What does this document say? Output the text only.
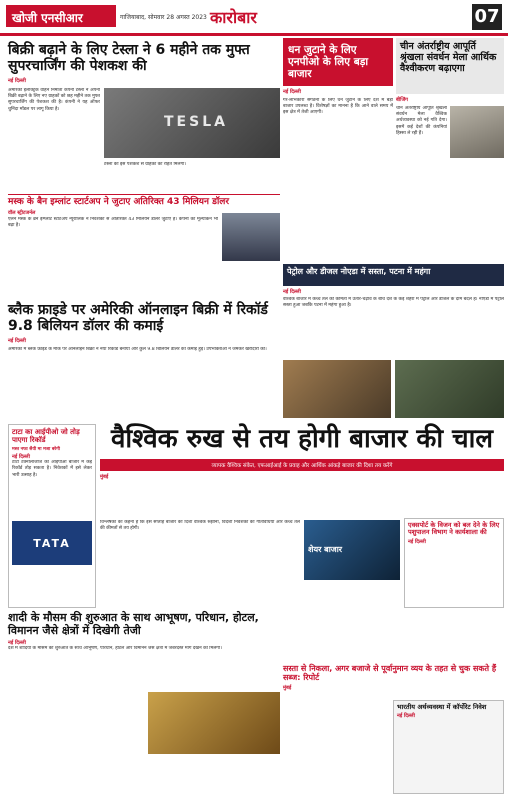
खोजी एनसीआर	गाजियाबाद, सोमवार 28 अगस्त 2023 कारोबार	07
बिक्री बढ़ाने के लिए टेस्ला ने 6 महीने तक मुफ्त सुपरचार्जिंग की पेशकश की
नई दिल्ली
अमेरिकी इलेक्ट्रिक वाहन निर्माता कंपनी टेस्ला ने अपनी बिक्री बढ़ाने के लिए नए ग्राहकों को छह महीने तक मुफ्त सुपरचार्जिंग की पेशकश की है। कंपनी ने यह ऑफर चुनिंदा मॉडल पर लागू किया है।
TESLA
टेस्ला की इस पेशकश से ग्राहकों को राहत मिलेगी।
धन जुटाने के लिए एनपीओ के लिए बड़ा बाजार
नई दिल्ली
गैर-लाभकारी संगठनों के लिए धन जुटाने के लिए देश में बड़ा बाजार उपलब्ध है। विशेषज्ञों का मानना है कि आने वाले समय में इस क्षेत्र में तेजी आएगी।
चीन अंतर्राष्ट्रीय आपूर्ति श्रृंखला संवर्धन मेला आर्थिक वैश्वीकरण बढ़ाएगा
बीजिंग
चीन अंतर्राष्ट्रीय आपूर्ति श्रृंखला संवर्धन मेला वैश्विक अर्थव्यवस्था को नई गति देगा। इसमें कई देशों की कंपनियां हिस्सा ले रही हैं।
मस्क के बैन इम्लांट स्टार्टअप ने जुटाए अतिरिक्त 43 मिलियन डॉलर
वॉल स्ट्रीटजर्नल
एलन मस्क के ब्रेन इम्प्लांट स्टार्टअप न्यूरालिंक ने निवेशकों से अतिरिक्त 43 मिलियन डॉलर जुटाए हैं। कंपनी का मूल्यांकन भी बढ़ा है।
ब्लैक फ्राइडे पर अमेरिकी ऑनलाइन बिक्री में रिकॉर्ड 9.8 बिलियन डॉलर की कमाई
नई दिल्ली
अमेरिका में ब्लैक फ्राइडे के मौके पर ऑनलाइन बिक्री ने नया रिकॉर्ड बनाया और कुल 9.8 बिलियन डॉलर की कमाई हुई। उपभोक्ताओं ने जमकर खरीदारी की।
पेट्रोल और डीजल नोएडा में सस्ता, पटना में महंगा
नई दिल्ली
वैश्विक बाजार में कच्चे तेल की कीमतों में उतार-चढ़ाव के बीच देश के कई शहरों में पेट्रोल और डीजल के दाम बदले हैं। नोएडा में पेट्रोल सस्ता हुआ जबकि पटना में महंगा हुआ है।
टाटा का आईपीओ जो तोड़ पाएगा रिकॉर्ड
मस्त नफा सैयी मा मजा बरेगी
नई दिल्ली
टाटा टेक्नोलॉजीज का आईपीओ बाजार में कई रिकॉर्ड तोड़ सकता है। निवेशकों में इसे लेकर भारी उत्साह है।
TATA
वैश्विक रुख से तय होगी बाजार की चाल
व्यापक वैश्विक संकेत, एफआईआई के प्रवाह और आर्थिक आंकड़े बाजार की दिशा तय करेंगे
मुंबई
विश्लेषकों का कहना है कि इस सप्ताह बाजार की दिशा वैश्विक रुझानों, विदेशी निवेशकों की गतिविधियों और कच्चे तेल की कीमतों से तय होगी।
शेयर बाजार
एक्सपोर्ट के विजन को बल देने के लिए पशुपालन विभाग ने कार्यशाला की
नई दिल्ली
शादी के मौसम की शुरुआत के साथ आभूषण, परिधान, होटल, विमानन जैसे क्षेत्रों में दिखेगी तेजी
नई दिल्ली
देश में शादियों के मौसम की शुरुआत के साथ आभूषण, परिधान, होटल और विमानन जैसे क्षेत्रों में जबरदस्त मांग देखने को मिलेगी।
सस्ता से निकला, अगर बजाजे से पूर्वानुमान व्यय के तहत से चुक सकते हैं सब्ज: रिपोर्ट
मुंबई
भारतीय अर्थव्यवस्था में कॉर्पोरेट निवेश
नई दिल्ली
